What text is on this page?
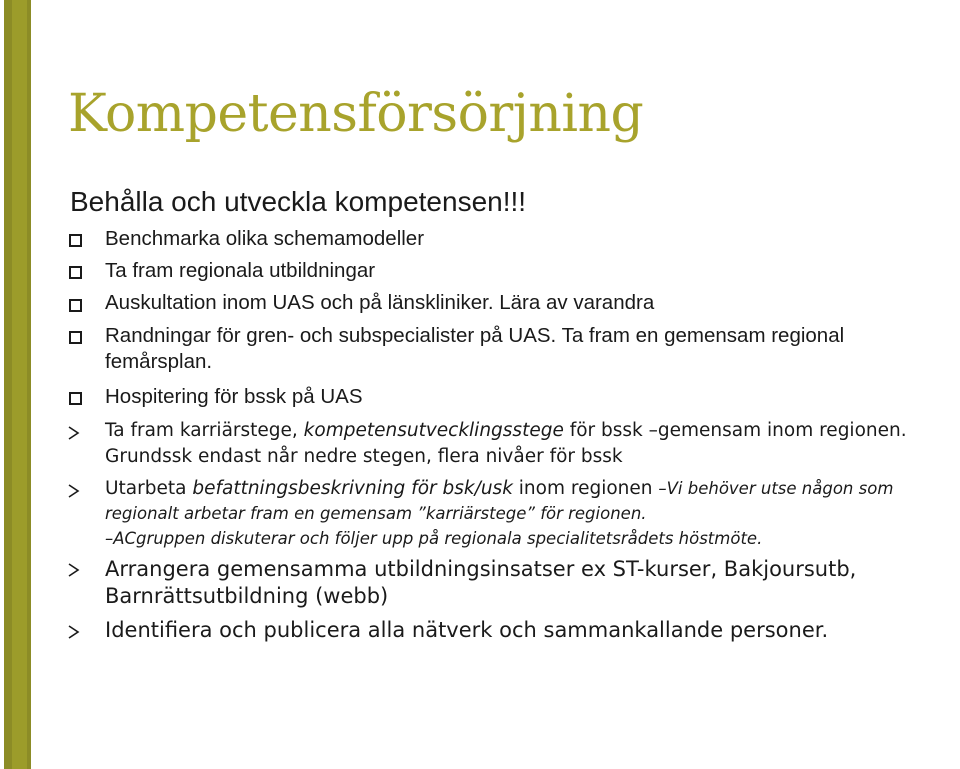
Kompetensförsörjning
Behålla och utveckla kompetensen!!!
Benchmarka olika schemamodeller
Ta fram regionala utbildningar
Auskultation inom UAS och på länskliniker. Lära av varandra
Randningar för gren- och subspecialister på UAS. Ta fram en gemensam regional femårsplan.
Hospitering för bssk på UAS
Ta fram karriärstege, kompetensutvecklingsstege för bssk –gemensam inom regionen. Grundssk endast når nedre stegen, flera nivåer för bssk
Utarbeta befattningsbeskrivning för bsk/usk inom regionen –Vi behöver utse någon som regionalt arbetar fram en gemensam ”karriärstege” för regionen.
–ACgruppen diskuterar och följer upp på regionala specialitetsrådets höstmöte.
Arrangera gemensamma utbildningsinsatser ex ST-kurser, Bakjoursutb, Barnrättsutbildning (webb)
Identifiera och publicera alla nätverk och sammankallande personer.
